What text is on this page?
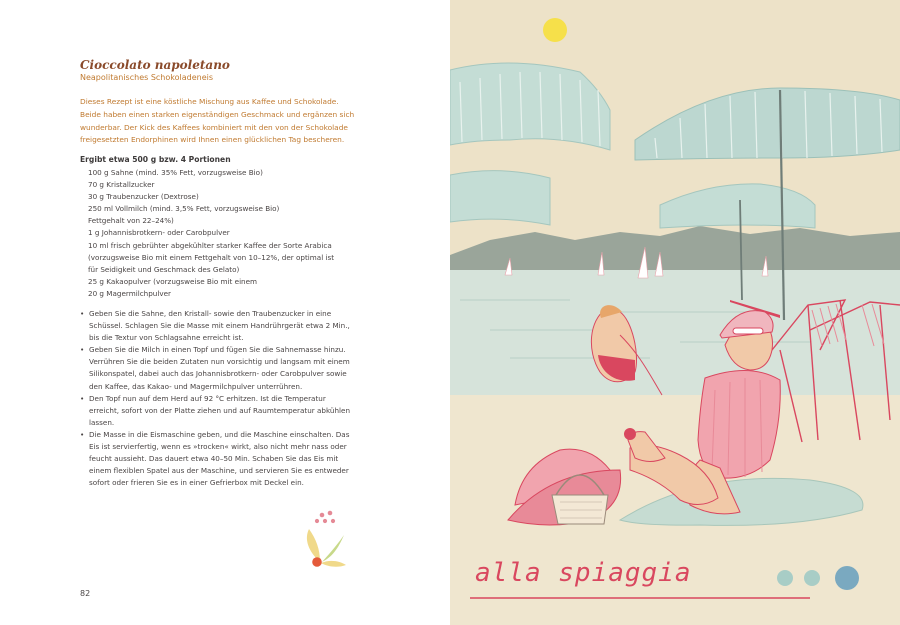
Cioccolato napoletano
Neapolitanisches Schokoladeneis
Dieses Rezept ist eine köstliche Mischung aus Kaffee und Schokolade.
Beide haben einen starken eigenständigen Geschmack und ergänzen sich
wunderbar. Der Kick des Kaffees kombiniert mit den von der Schokolade
freigesetzten Endorphinen wird Ihnen einen glücklichen Tag bescheren.
Ergibt etwa 500 g bzw. 4 Portionen
100 g Sahne (mind. 35% Fett, vorzugsweise Bio)
70 g Kristallzucker
30 g Traubenzucker (Dextrose)
250 ml Vollmilch (mind. 3,5% Fett, vorzugsweise Bio)
Fettgehalt von 22–24%)
1 g Johannisbrotkern- oder Carobpulver
10 ml frisch gebrühter abgekühlter starker Kaffee der Sorte Arabica
(vorzugsweise Bio mit einem Fettgehalt von 10–12%, der optimal ist
für Seidigkeit und Geschmack des Gelato)
25 g Kakaopulver (vorzugsweise Bio mit einem
20 g Magermilchpulver
• Geben Sie die Sahne, den Kristall- sowie den Traubenzucker in eine
Schüssel. Schlagen Sie die Masse mit einem Handrührgerät etwa 2 Min.,
bis die Textur von Schlagsahne erreicht ist.
• Geben Sie die Milch in einen Topf und fügen Sie die Sahnemasse hinzu.
Verrühren Sie die beiden Zutaten nun vorsichtig und langsam mit einem
Silikonspatel, dabei auch das Johannisbrotkern- oder Carobpulver sowie
den Kaffee, das Kakao- und Magermilchpulver unterrühren.
• Den Topf nun auf dem Herd auf 92 °C erhitzen. Ist die Temperatur
erreicht, sofort von der Platte ziehen und auf Raumtemperatur abkühlen
lassen.
• Die Masse in die Eismaschine geben, und die Maschine einschalten. Das
Eis ist servierfertig, wenn es »trocken« wirkt, also nicht mehr nass oder
feucht aussieht. Das dauert etwa 40–50 Min. Schaben Sie das Eis mit
einem flexiblen Spatel aus der Maschine, und servieren Sie es entweder
sofort oder frieren Sie es in einer Gefrierbox mit Deckel ein.
82
alla spiaggia
